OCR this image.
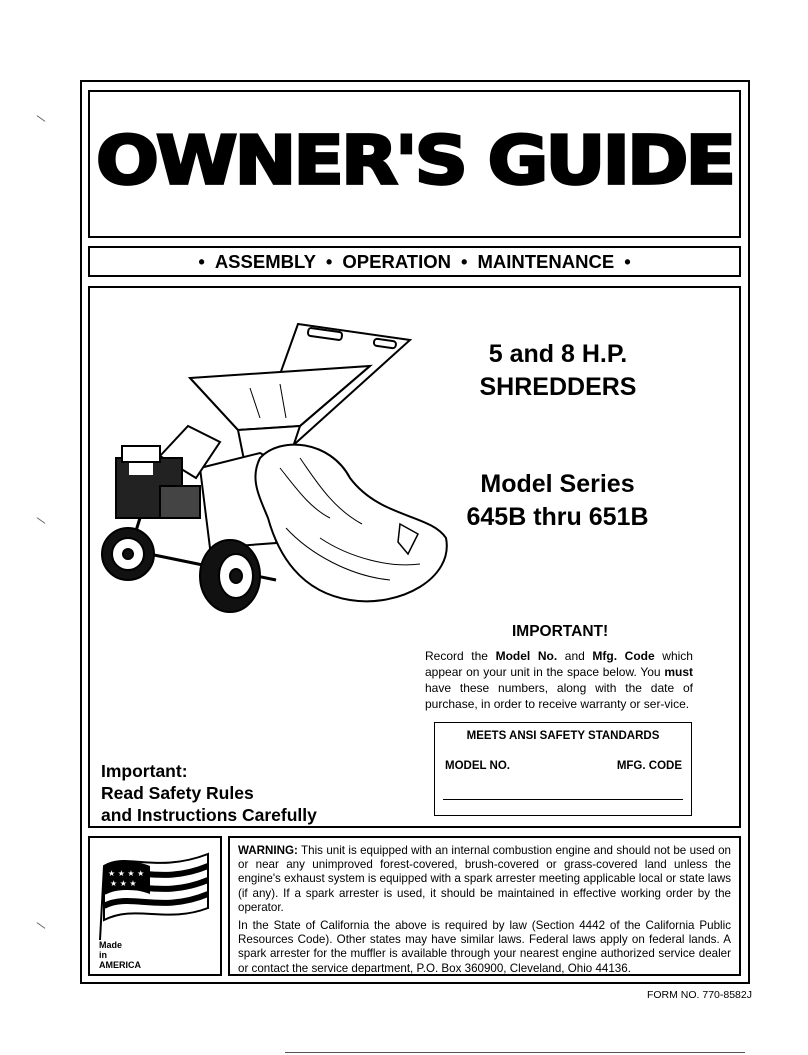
OWNER'S GUIDE
• ASSEMBLY • OPERATION • MAINTENANCE •
5 and 8 H.P.
SHREDDERS
Model Series
645B thru 651B
IMPORTANT!
Record the Model No. and Mfg. Code which appear on your unit in the space below. You must have these numbers, along with the date of purchase, in order to receive warranty or ser-vice.
MEETS ANSI SAFETY STANDARDS
MODEL NO.	MFG. CODE
Important:
Read Safety Rules
and Instructions Carefully
★ ★ ★ ★
★ ★ ★
Made
in
AMERICA

WARNING: This unit is equipped with an internal combustion engine and should not be used on or near any unimproved forest-covered, brush-covered or grass-covered land unless the engine's exhaust system is equipped with a spark arrester meeting applicable local or state laws (if any). If a spark arrester is used, it should be maintained in effective working order by the operator.

In the State of California the above is required by law (Section 4442 of the California Public Resources Code). Other states may have similar laws. Federal laws apply on federal lands. A spark arrester for the muffler is available through your nearest engine authorized service dealer or contact the service department, P.O. Box 360900, Cleveland, Ohio 44136.

FORM NO. 770-8582J
